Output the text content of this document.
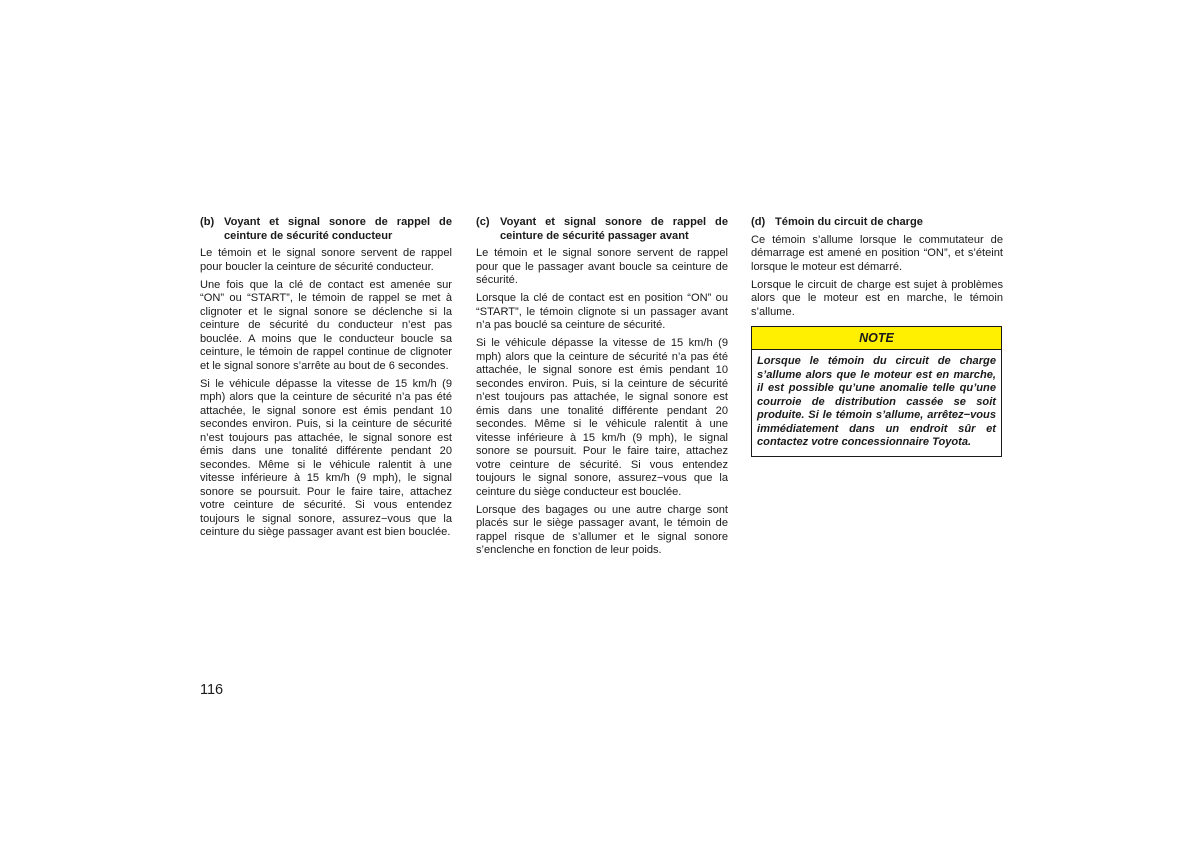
(b) Voyant et signal sonore de rappel de ceinture de sécurité conducteur

Le témoin et le signal sonore servent de rappel pour boucler la ceinture de sécurité conducteur.

Une fois que la clé de contact est amenée sur “ON” ou “START”, le témoin de rappel se met à clignoter et le signal sonore se déclenche si la ceinture de sécurité du conducteur n’est pas bouclée. A moins que le conducteur boucle sa ceinture, le témoin de rappel continue de clignoter et le signal sonore s’arrête au bout de 6 secondes.

Si le véhicule dépasse la vitesse de 15 km/h (9 mph) alors que la ceinture de sécurité n’a pas été attachée, le signal sonore est émis pendant 10 secondes environ. Puis, si la ceinture de sécurité n’est toujours pas attachée, le signal sonore est émis dans une tonalité différente pendant 20 secondes. Même si le véhicule ralentit à une vitesse inférieure à 15 km/h (9 mph), le signal sonore se poursuit. Pour le faire taire, attachez votre ceinture de sécurité. Si vous entendez toujours le signal sonore, assurez−vous que la ceinture du siège passager avant est bien bouclée.

(c) Voyant et signal sonore de rappel de ceinture de sécurité passager avant

Le témoin et le signal sonore servent de rappel pour que le passager avant boucle sa ceinture de sécurité.

Lorsque la clé de contact est en position “ON” ou “START”, le témoin clignote si un passager avant n’a pas bouclé sa ceinture de sécurité.

Si le véhicule dépasse la vitesse de 15 km/h (9 mph) alors que la ceinture de sécurité n’a pas été attachée, le signal sonore est émis pendant 10 secondes environ. Puis, si la ceinture de sécurité n’est toujours pas attachée, le signal sonore est émis dans une tonalité différente pendant 20 secondes. Même si le véhicule ralentit à une vitesse inférieure à 15 km/h (9 mph), le signal sonore se poursuit. Pour le faire taire, attachez votre ceinture de sécurité. Si vous entendez toujours le signal sonore, assurez−vous que la ceinture du siège conducteur est bouclée.

Lorsque des bagages ou une autre charge sont placés sur le siège passager avant, le témoin de rappel risque de s’allumer et le signal sonore s’enclenche en fonction de leur poids.

(d) Témoin du circuit de charge

Ce témoin s’allume lorsque le commutateur de démarrage est amené en position “ON”, et s’éteint lorsque le moteur est démarré.

Lorsque le circuit de charge est sujet à problèmes alors que le moteur est en marche, le témoin s’allume.

NOTE
Lorsque le témoin du circuit de charge s’allume alors que le moteur est en marche, il est possible qu’une anomalie telle qu’une courroie de distribution cassée se soit produite. Si le témoin s’allume, arrêtez−vous immédiatement dans un endroit sûr et contactez votre concessionnaire Toyota.
116
